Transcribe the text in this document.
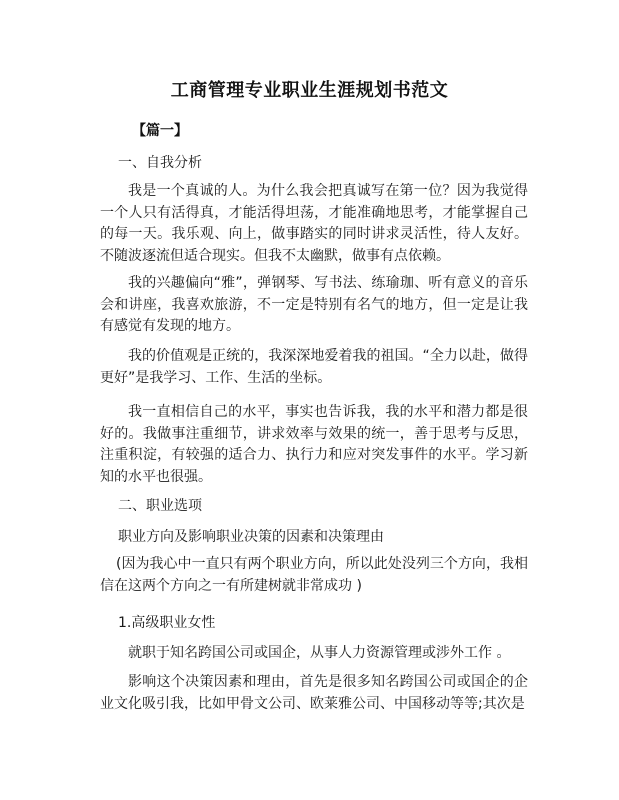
工商管理专业职业生涯规划书范文
【篇一】
一、自我分析

我是一个真诚的人。为什么我会把真诚写在第一位？因为我觉得一个人只有活得真，才能活得坦荡，才能准确地思考，才能掌握自己的每一天。我乐观、向上，做事踏实的同时讲求灵活性，待人友好。不随波逐流但适合现实。但我不太幽默，做事有点依赖。

我的兴趣偏向“雅”，弹钢琴、写书法、练瑜珈、听有意义的音乐会和讲座，我喜欢旅游，不一定是特别有名气的地方，但一定是让我有感觉有发现的地方。

我的价值观是正统的，我深深地爱着我的祖国。“全力以赴，做得更好”是我学习、工作、生活的坐标。

我一直相信自己的水平，事实也告诉我，我的水平和潜力都是很好的。我做事注重细节，讲求效率与效果的统一，善于思考与反思，注重积淀，有较强的适合力、执行力和应对突发事件的水平。学习新知的水平也很强。

二、职业选项
职业方向及影响职业决策的因素和决策理由

(因为我心中一直只有两个职业方向，所以此处没列三个方向，我相信在这两个方向之一有所建树就非常成功 )

1.高级职业女性
就职于知名跨国公司或国企，从事人力资源管理或涉外工作 。

影响这个决策因素和理由，首先是很多知名跨国公司或国企的企业文化吸引我，比如甲骨文公司、欧莱雅公司、中国移动等等;其次是
